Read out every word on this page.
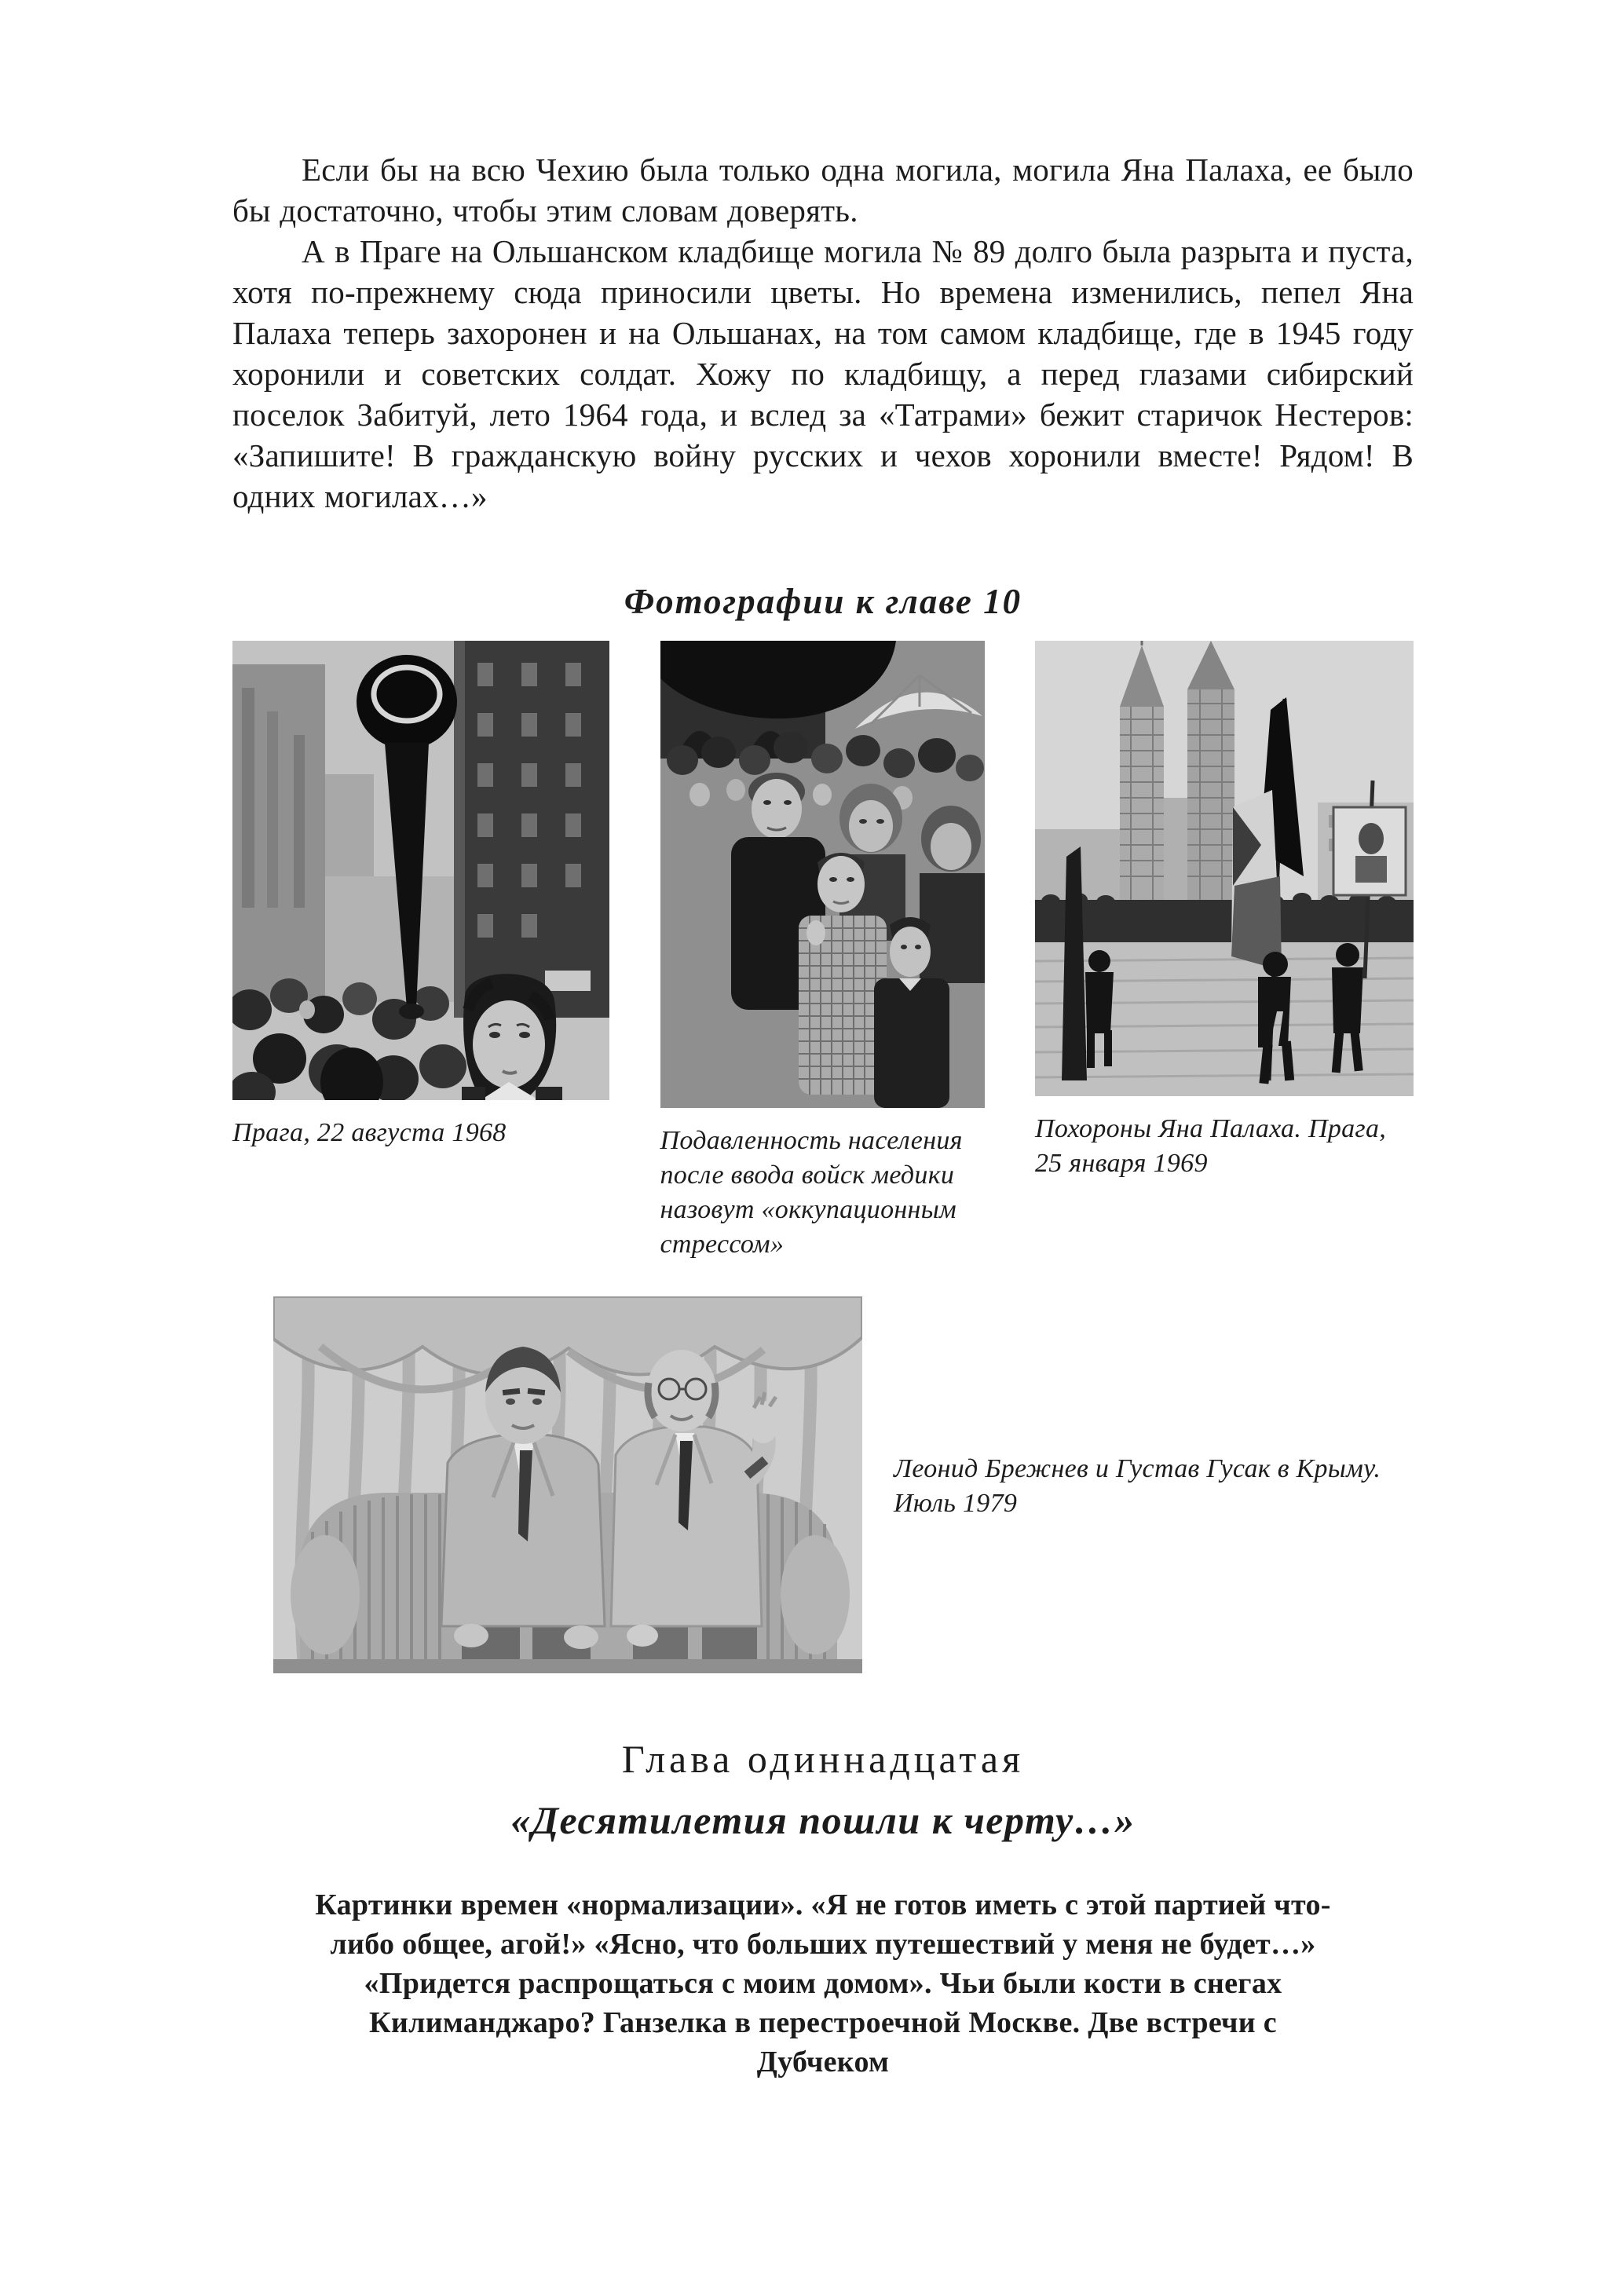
Если бы на всю Чехию была только одна могила, могила Яна Палаха, ее было бы достаточно, чтобы этим словам доверять.

А в Праге на Ольшанском кладбище могила № 89 долго была разрыта и пуста, хотя по-прежнему сюда приносили цветы. Но времена изменились, пепел Яна Палаха теперь захоронен и на Ольшанах, на том самом кладбище, где в 1945 году хоронили и советских солдат. Хожу по кладбищу, а перед глазами сибирский поселок Забитуй, лето 1964 года, и вслед за «Татрами» бежит старичок Нестеров: «Запишите! В гражданскую войну русских и чехов хоронили вместе! Рядом! В одних могилах…»

Фотографии к главе 10
Прага, 22 августа 1968	Подавленность населения после ввода войск медики назовут «оккупационным стрессом»
Похороны Яна Палаха. Прага, 25 января 1969
Леонид Брежнев и Густав Гусак в Крыму. Июль 1979
Глава одиннадцатая
«Десятилетия пошли к черту…»

Картинки времен «нормализации». «Я не готов иметь с этой партией что-либо общее, агой!» «Ясно, что больших путешествий у меня не будет…» «Придется распрощаться с моим домом». Чьи были кости в снегах Килиманджаро? Ганзелка в перестроечной Москве. Две встречи с Дубчеком
